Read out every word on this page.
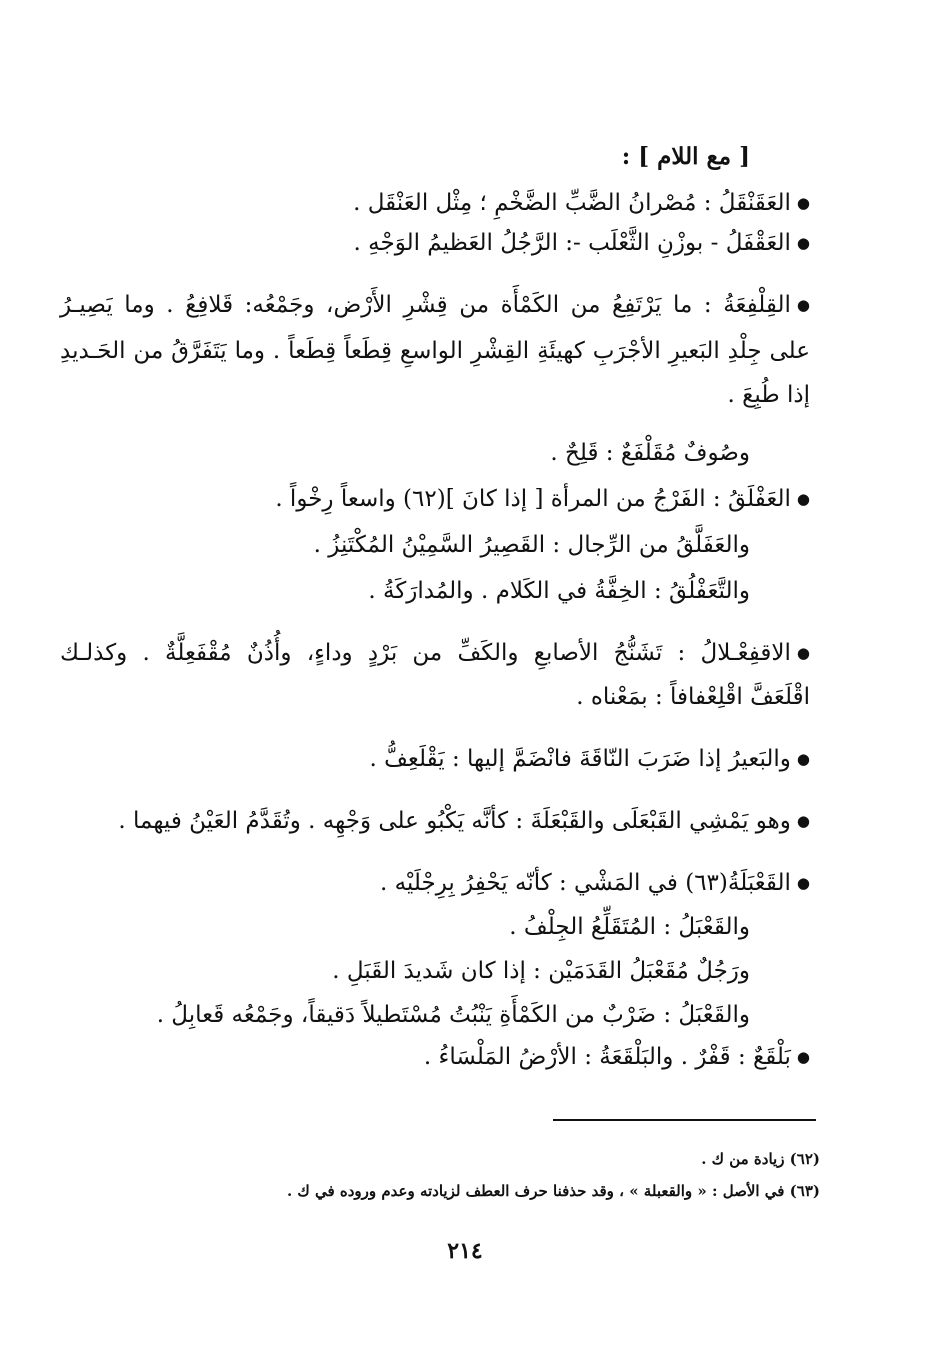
[ مع اللام ] :
● العَقَنْقَلُ : مُصْرانُ الضَّبِّ الضَّخْمِ ؛ مِثْل العَنْقَل .
● العَقْفَلُ - بوزْنِ الثَّعْلَب -: الرَّجُلُ العَظيمُ الوَجْهِ .
● القِلْفِعَةُ : ما يَرْتَفِعُ من الكَمْأَة من قِشْرِ الأَرْض، وجَمْعُه: قَلافِعُ . وما يَصِيـرُ
على جِلْدِ البَعيرِ الأجْرَبِ كهيئَةِ القِشْرِ الواسعِ قِطَعاً قِطَعاً . وما يَتَفَرَّقُ من الحَـديدِ
إذا طُبِعَ .
وصُوفٌ مُقَلْفَعٌ : قَلِحٌ .
● العَفْلَقُ : الفَرْجُ من المرأة [ إذا كانَ ](٦٢) واسعاً رِخْواً .
والعَفَلَّقُ من الرِّجال : القَصِيرُ السَّمِيْنُ المُكْتَنِزُ .
والتَّعَفْلُقُ : الخِفَّةُ في الكَلام . والمُدارَكَةُ .
● الاقفِعْـلالُ : تَشَنُّجُ الأصابعِ والكَفِّ من بَرْدٍ وداءٍ، وأُذُنٌ مُقْفَعِلَّةٌ . وكذلـك
اقْلَعَفَّ اقْلِعْفافاً : بمَعْناه .
● والبَعيرُ إذا ضَرَبَ النّاقَةَ فانْضَمَّ إليها : يَقْلَعِفُّ .
● وهو يَمْشِي القَبْعَلَى والقَبْعَلَةَ : كأنَّه يَكْبُو على وَجْهِه . وتُقَدَّمُ العَيْنُ فيهما .
● القَعْبَلَةُ(٦٣) في المَشْي : كأنّه يَحْفِرُ بِرِجْلَيْه .
والقَعْبَلُ : المُتَقَلِّعُ الجِلْفُ .
ورَجُلٌ مُقَعْبَلُ القَدَمَيْن : إذا كان شَديدَ القَبَلِ .
والقَعْبَلُ : ضَرْبٌ من الكَمْأَةِ يَنْبُتُ مُسْتَطيلاً دَقيقاً، وجَمْعُه قَعابِلُ .
● بَلْقَعٌ : قَفْرٌ . والبَلْقَعَةُ : الأرْضُ المَلْسَاءُ .
(٦٢) زيادة من ك .
(٦٣) في الأصل : « والقعبلة » ، وقد حذفنا حرف العطف لزيادته وعدم وروده في ك .
٢١٤
